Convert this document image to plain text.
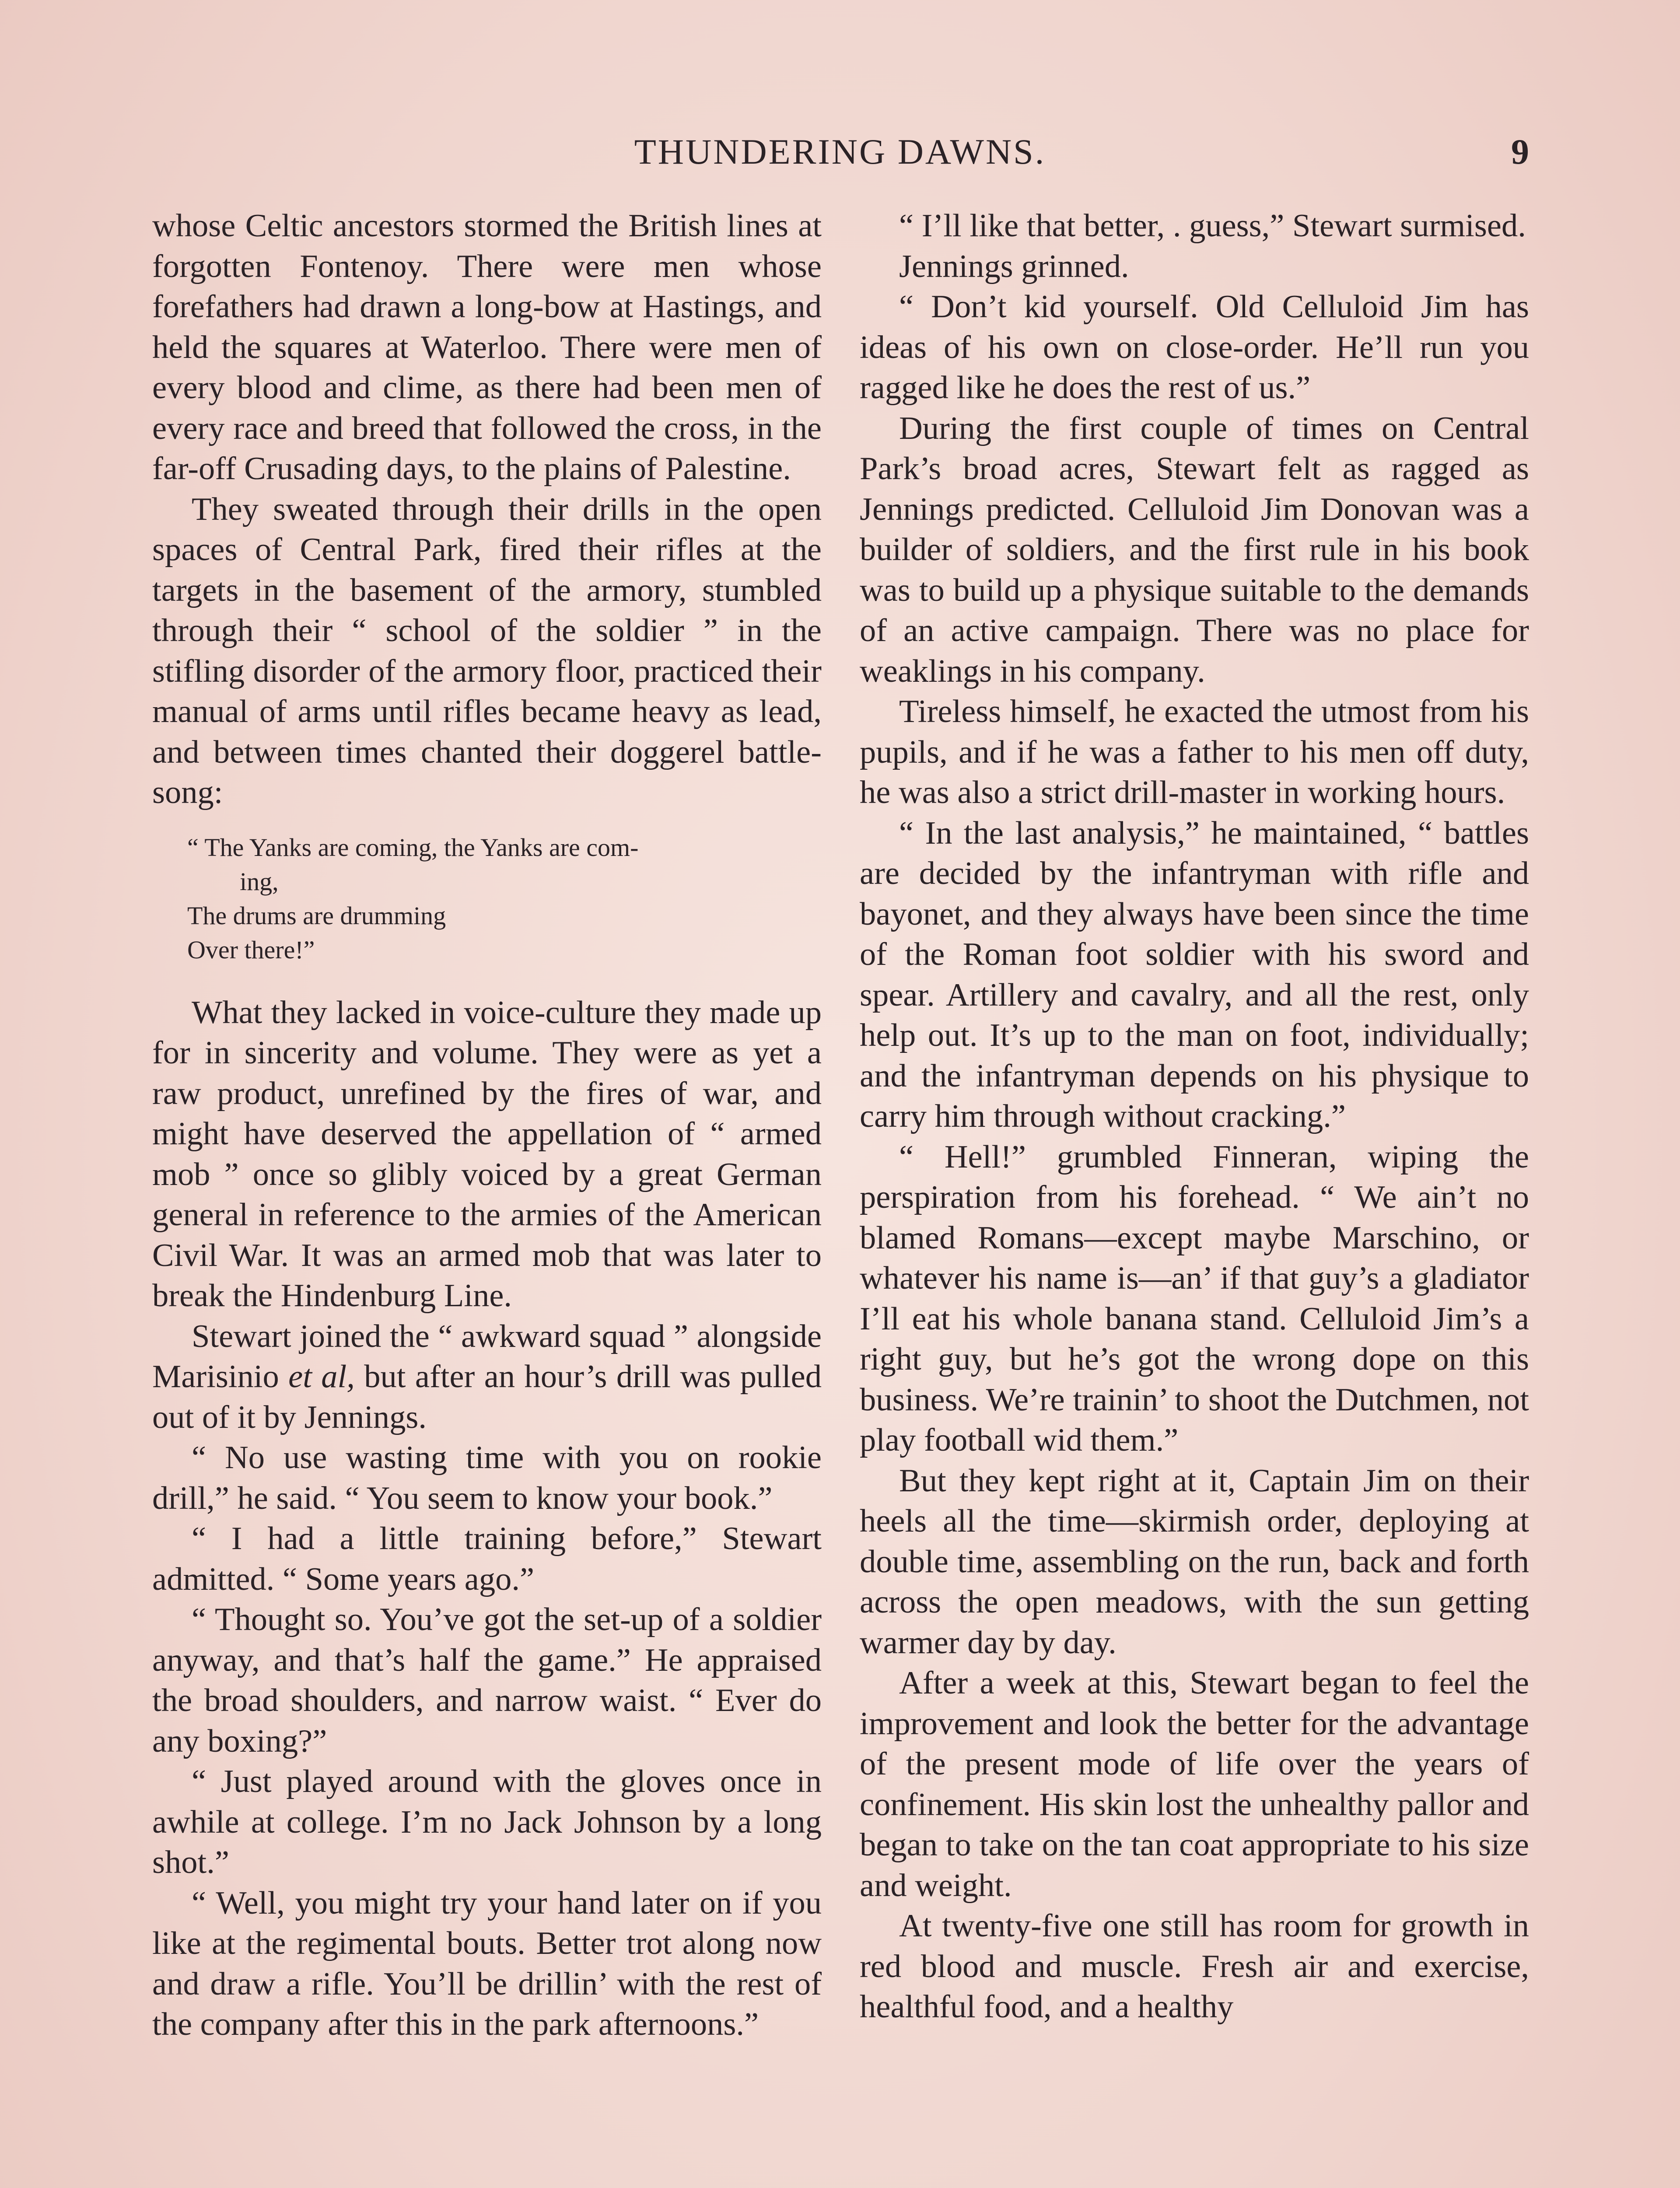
THUNDERING DAWNS.	9

whose Celtic ancestors stormed the British lines at forgotten Fontenoy. There were men whose forefathers had drawn a long-bow at Hastings, and held the squares at Waterloo. There were men of every blood and clime, as there had been men of every race and breed that followed the cross, in the far-off Crusading days, to the plains of Palestine.

They sweated through their drills in the open spaces of Central Park, fired their rifles at the targets in the basement of the armory, stumbled through their “ school of the soldier ” in the stifling disorder of the armory floor, practiced their manual of arms until rifles became heavy as lead, and between times chanted their doggerel battle-song:

“ The Yanks are coming, the Yanks are com-
ing,
The drums are drumming
Over there!”

What they lacked in voice-culture they made up for in sincerity and volume. They were as yet a raw product, unrefined by the fires of war, and might have deserved the appellation of “ armed mob ” once so glibly voiced by a great German general in reference to the armies of the American Civil War. It was an armed mob that was later to break the Hindenburg Line.

Stewart joined the “ awkward squad ” alongside Marisinio et al, but after an hour’s drill was pulled out of it by Jennings.

“ No use wasting time with you on rookie drill,” he said. “ You seem to know your book.”

“ I had a little training before,” Stewart admitted. “ Some years ago.”

“ Thought so. You’ve got the set-up of a soldier anyway, and that’s half the game.” He appraised the broad shoulders, and narrow waist. “ Ever do any boxing?”

“ Just played around with the gloves once in awhile at college. I’m no Jack Johnson by a long shot.”

“ Well, you might try your hand later on if you like at the regimental bouts. Better trot along now and draw a rifle. You’ll be drillin’ with the rest of the company after this in the park afternoons.”

“ I’ll like that better, . guess,” Stewart surmised.

Jennings grinned.

“ Don’t kid yourself. Old Celluloid Jim has ideas of his own on close-order. He’ll run you ragged like he does the rest of us.”

During the first couple of times on Central Park’s broad acres, Stewart felt as ragged as Jennings predicted. Celluloid Jim Donovan was a builder of soldiers, and the first rule in his book was to build up a physique suitable to the demands of an active campaign. There was no place for weaklings in his company.

Tireless himself, he exacted the utmost from his pupils, and if he was a father to his men off duty, he was also a strict drill-master in working hours.

“ In the last analysis,” he maintained, “ battles are decided by the infantryman with rifle and bayonet, and they always have been since the time of the Roman foot soldier with his sword and spear. Artillery and cavalry, and all the rest, only help out. It’s up to the man on foot, individually; and the infantryman depends on his physique to carry him through without cracking.”

“ Hell!” grumbled Finneran, wiping the perspiration from his forehead. “ We ain’t no blamed Romans—except maybe Marschino, or whatever his name is—an’ if that guy’s a gladiator I’ll eat his whole banana stand. Celluloid Jim’s a right guy, but he’s got the wrong dope on this business. We’re trainin’ to shoot the Dutchmen, not play football wid them.”

But they kept right at it, Captain Jim on their heels all the time—skirmish order, deploying at double time, assembling on the run, back and forth across the open meadows, with the sun getting warmer day by day.

After a week at this, Stewart began to feel the improvement and look the better for the advantage of the present mode of life over the years of confinement. His skin lost the unhealthy pallor and began to take on the tan coat appropriate to his size and weight.

At twenty-five one still has room for growth in red blood and muscle. Fresh air and exercise, healthful food, and a healthy
